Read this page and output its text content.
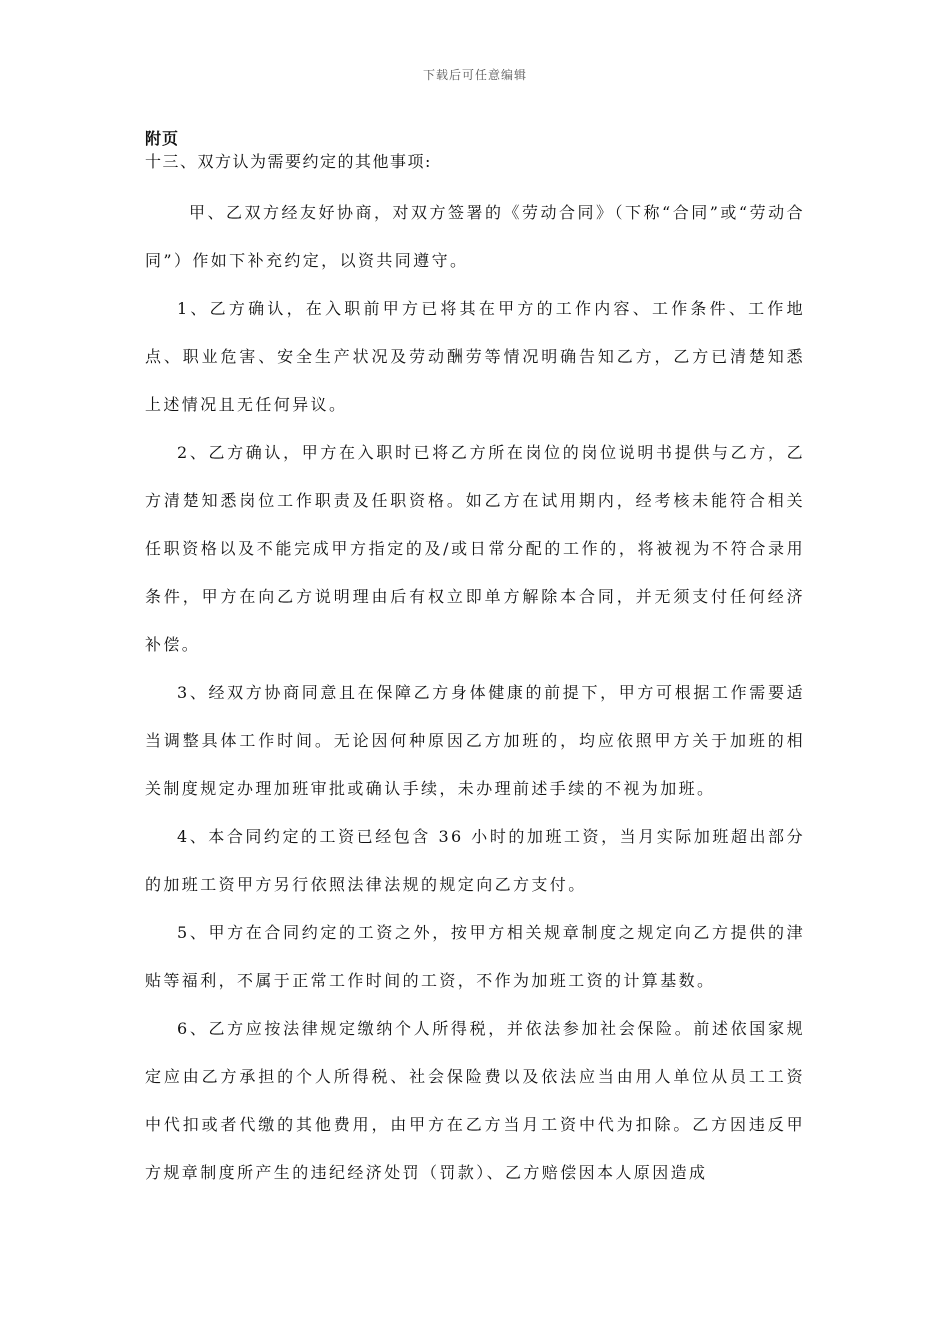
下载后可任意编辑
附页
十三、双方认为需要约定的其他事项:

甲、乙双方经友好协商，对双方签署的《劳动合同》（下称“合同”或“劳动合同”）作如下补充约定，以资共同遵守。

1、乙方确认，在入职前甲方已将其在甲方的工作内容、工作条件、工作地点、职业危害、安全生产状况及劳动酬劳等情况明确告知乙方，乙方已清楚知悉上述情况且无任何异议。

2、乙方确认，甲方在入职时已将乙方所在岗位的岗位说明书提供与乙方，乙方清楚知悉岗位工作职责及任职资格。如乙方在试用期内，经考核未能符合相关任职资格以及不能完成甲方指定的及/或日常分配的工作的，将被视为不符合录用条件，甲方在向乙方说明理由后有权立即单方解除本合同，并无须支付任何经济补偿。

3、经双方协商同意且在保障乙方身体健康的前提下，甲方可根据工作需要适当调整具体工作时间。无论因何种原因乙方加班的，均应依照甲方关于加班的相关制度规定办理加班审批或确认手续，未办理前述手续的不视为加班。

4、本合同约定的工资已经包含 36 小时的加班工资，当月实际加班超出部分的加班工资甲方另行依照法律法规的规定向乙方支付。

5、甲方在合同约定的工资之外，按甲方相关规章制度之规定向乙方提供的津贴等福利，不属于正常工作时间的工资，不作为加班工资的计算基数。

6、乙方应按法律规定缴纳个人所得税，并依法参加社会保险。前述依国家规定应由乙方承担的个人所得税、社会保险费以及依法应当由用人单位从员工工资中代扣或者代缴的其他费用，由甲方在乙方当月工资中代为扣除。乙方因违反甲方规章制度所产生的违纪经济处罚（罚款）、乙方赔偿因本人原因造成
